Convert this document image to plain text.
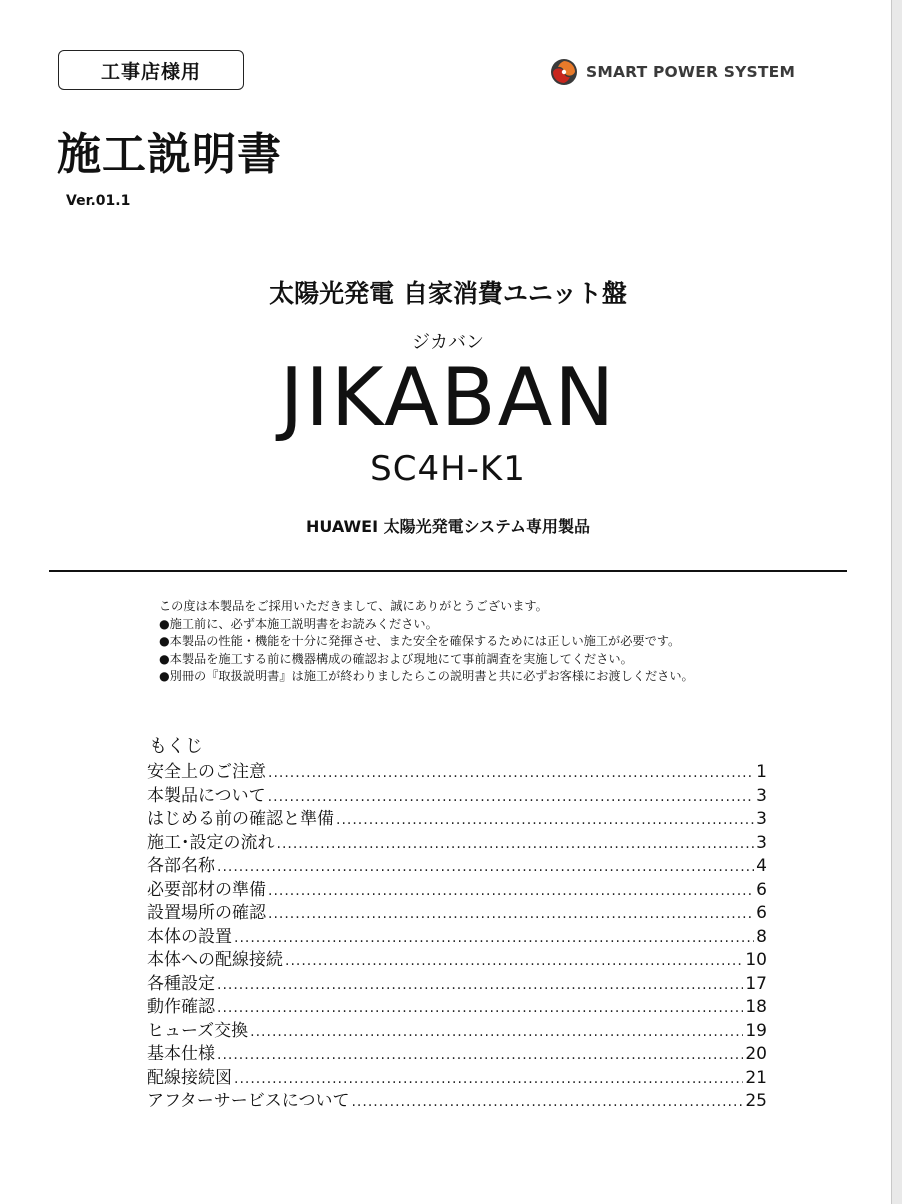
工事店様用	SMART POWER SYSTEM
施工説明書
Ver.01.1
太陽光発電 自家消費ユニット盤
ジカバン
JIKABAN
SC4H-K1
HUAWEI 太陽光発電システム専用製品
この度は本製品をご採用いただきまして、誠にありがとうございます。
●施工前に、必ず本施工説明書をお読みください。
●本製品の性能・機能を十分に発揮させ、また安全を確保するためには正しい施工が必要です。
●本製品を施工する前に機器構成の確認および現地にて事前調査を実施してください。
●別冊の『取扱説明書』は施工が終わりましたらこの説明書と共に必ずお客様にお渡しください。
もくじ
安全上のご注意 .....	1
本製品について .....	3
はじめる前の確認と準備 .....	3
施工･設定の流れ .....	3
各部名称 .....	4
必要部材の準備 .....	6
設置場所の確認 .....	6
本体の設置 .....	8
本体への配線接続 .....	10
各種設定 .....	17
動作確認 .....	18
ヒューズ交換 .....	19
基本仕様 .....	20
配線接続図 .....	21
アフターサービスについて .....	25
